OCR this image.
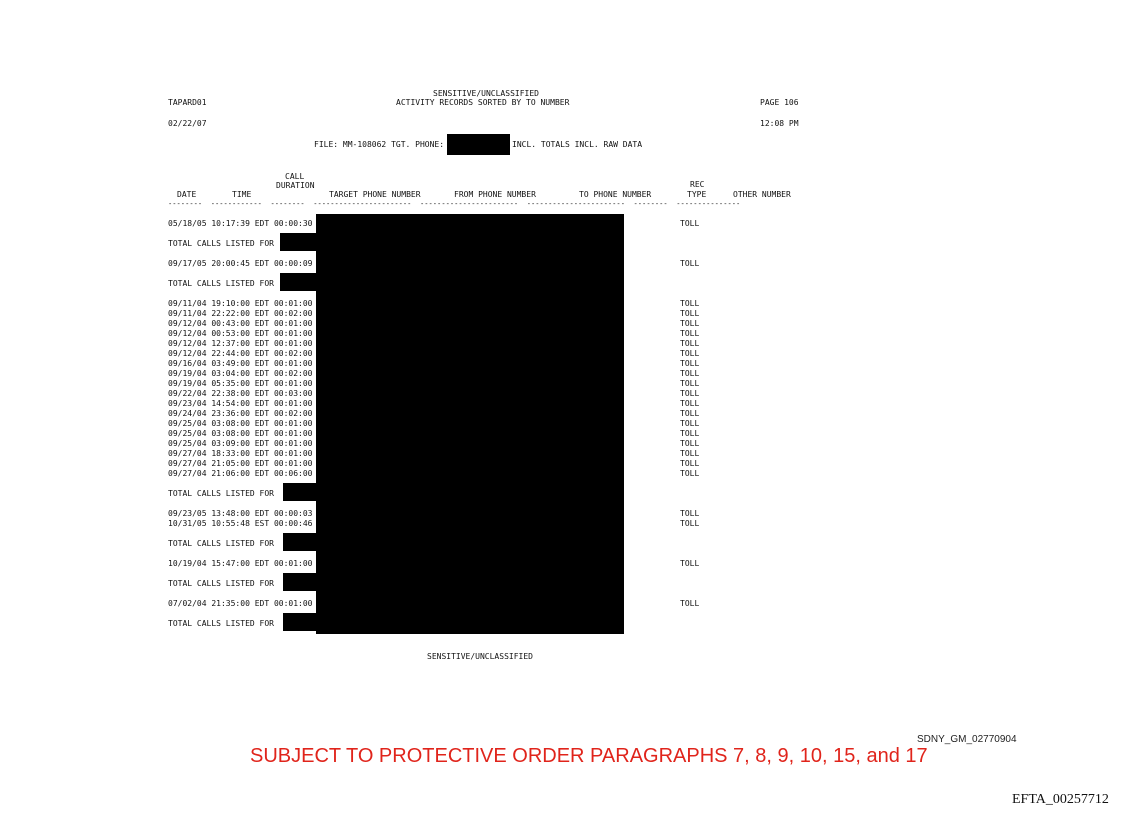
SENSITIVE/UNCLASSIFIED
ACTIVITY RECORDS SORTED BY TO NUMBER
TAPARD01	PAGE 106
02/22/07	12:08 PM
FILE: MM-108062 TGT. PHONE:	INCL. TOTALS INCL. RAW DATA
CALL
DURATION
DATE	TIME	TARGET PHONE NUMBER	FROM PHONE NUMBER	TO PHONE NUMBER
REC
TYPE	OTHER NUMBER
--------  ------------  --------  -----------------------  -----------------------  -----------------------  --------  ---------------
05/18/05 10:17:39 EDT 00:00:30	TOLL
TOTAL CALLS LISTED FOR
09/17/05 20:00:45 EDT 00:00:09	TOLL
TOTAL CALLS LISTED FOR
09/11/04 19:10:00 EDT 00:01:00	TOLL
09/11/04 22:22:00 EDT 00:02:00	TOLL
09/12/04 00:43:00 EDT 00:01:00	TOLL
09/12/04 00:53:00 EDT 00:01:00	TOLL
09/12/04 12:37:00 EDT 00:01:00	TOLL
09/12/04 22:44:00 EDT 00:02:00	TOLL
09/16/04 03:49:00 EDT 00:01:00	TOLL
09/19/04 03:04:00 EDT 00:02:00	TOLL
09/19/04 05:35:00 EDT 00:01:00	TOLL
09/22/04 22:38:00 EDT 00:03:00	TOLL
09/23/04 14:54:00 EDT 00:01:00	TOLL
09/24/04 23:36:00 EDT 00:02:00	TOLL
09/25/04 03:08:00 EDT 00:01:00	TOLL
09/25/04 03:08:00 EDT 00:01:00	TOLL
09/25/04 03:09:00 EDT 00:01:00	TOLL
09/27/04 18:33:00 EDT 00:01:00	TOLL
09/27/04 21:05:00 EDT 00:01:00	TOLL
09/27/04 21:06:00 EDT 00:06:00	TOLL
TOTAL CALLS LISTED FOR
09/23/05 13:48:00 EDT 00:00:03	TOLL
10/31/05 10:55:48 EST 00:00:46	TOLL
TOTAL CALLS LISTED FOR
10/19/04 15:47:00 EDT 00:01:00	TOLL
TOTAL CALLS LISTED FOR
07/02/04 21:35:00 EDT 00:01:00	TOLL
TOTAL CALLS LISTED FOR
SENSITIVE/UNCLASSIFIED
SDNY_GM_02770904
SUBJECT TO PROTECTIVE ORDER PARAGRAPHS 7, 8, 9, 10, 15, and 17
EFTA_00257712
